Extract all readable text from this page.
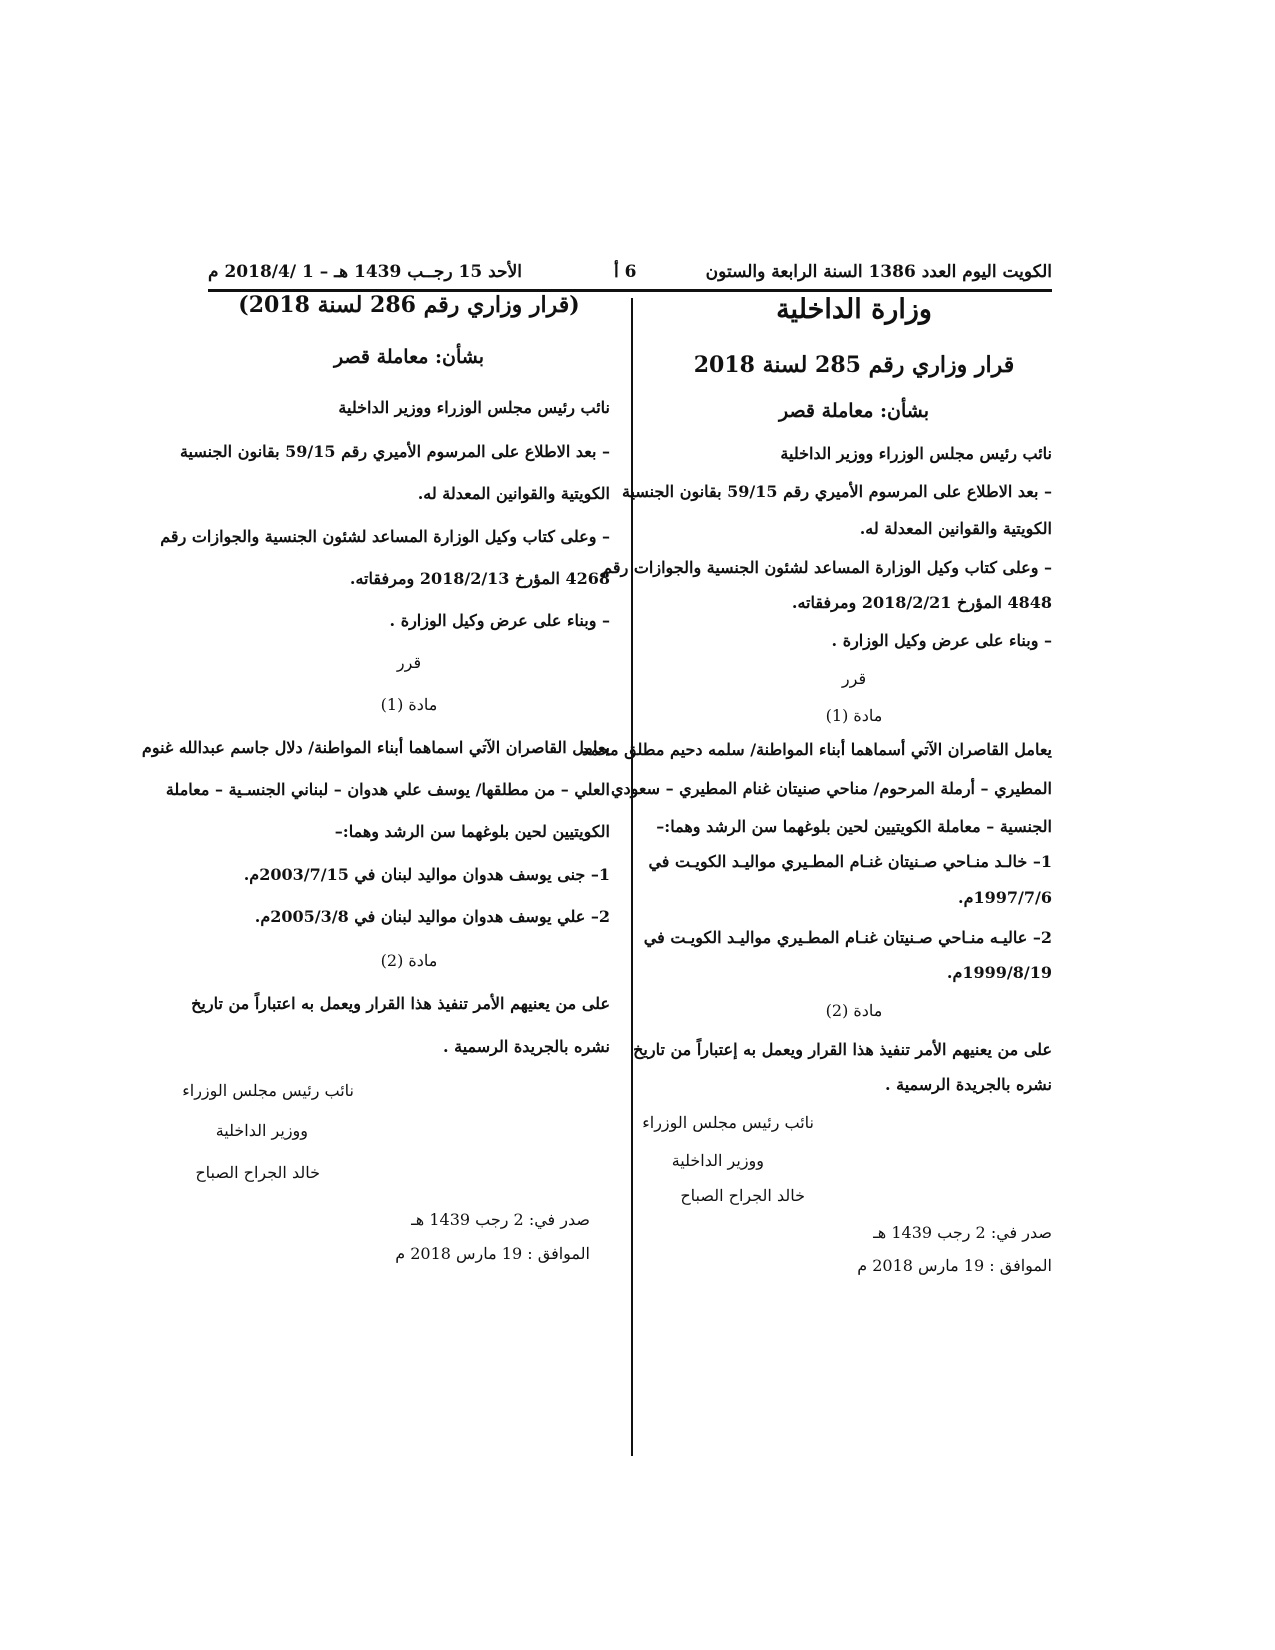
الكويت اليوم العدد 1386 السنة الرابعة والستون
6 أ
الأحد 15 رجــب 1439 هـ – 1 /2018/4 م
وزارة الداخلية
قرار وزاري رقم 285 لسنة 2018
بشأن: معاملة قصر
نائب رئيس مجلس الوزراء ووزير الداخلية
– بعد الاطلاع على المرسوم الأميري رقم 59/15 بقانون الجنسية
الكويتية والقوانين المعدلة له.
– وعلى كتاب وكيل الوزارة المساعد لشئون الجنسية والجوازات رقم
4848 المؤرخ 2018/2/21 ومرفقاته.
– وبناء على عرض وكيل الوزارة .
قرر
مادة (1)
يعامل القاصران الآتي أسماهما أبناء المواطنة/ سلمه دحيم مطلق محمد
المطيري – أرملة المرحوم/ مناحي صنيتان غنام المطيري – سعودي
الجنسية – معاملة الكويتيين لحين بلوغهما سن الرشد وهما:–
1– خالـد منـاحي صـنيتان غنـام المطـيري مواليـد الكويـت في
1997/7/6م.
2– عاليـه منـاحي صـنيتان غنـام المطـيري مواليـد الكويـت في
1999/8/19م.
مادة (2)
على من يعنيهم الأمر تنفيذ هذا القرار ويعمل به إعتباراً من تاريخ
نشره بالجريدة الرسمية .
نائب رئيس مجلس الوزراء
ووزير الداخلية
خالد الجراح الصباح
صدر في: 2 رجب 1439 هـ
الموافق : 19 مارس 2018 م
(قرار وزاري رقم 286 لسنة 2018)
بشأن: معاملة قصر
نائب رئيس مجلس الوزراء ووزير الداخلية
– بعد الاطلاع على المرسوم الأميري رقم 59/15 بقانون الجنسية
الكويتية والقوانين المعدلة له.
– وعلى كتاب وكيل الوزارة المساعد لشئون الجنسية والجوازات رقم
4268 المؤرخ 2018/2/13 ومرفقاته.
– وبناء على عرض وكيل الوزارة .
قرر
مادة (1)
يعامل القاصران الآتي اسماهما أبناء المواطنة/ دلال جاسم عبدالله غنوم
العلي – من مطلقها/ يوسف علي هدوان – لبناني الجنسـية – معاملة
الكويتيين لحين بلوغهما سن الرشد وهما:–
1– جنى يوسف هدوان مواليد لبنان في 2003/7/15م.
2– علي يوسف هدوان مواليد لبنان في 2005/3/8م.
مادة (2)
على من يعنيهم الأمر تنفيذ هذا القرار ويعمل به اعتباراً من تاريخ
نشره بالجريدة الرسمية .
نائب رئيس مجلس الوزراء
ووزير الداخلية
خالد الجراح الصباح
صدر في: 2 رجب 1439 هـ
الموافق : 19 مارس 2018 م
